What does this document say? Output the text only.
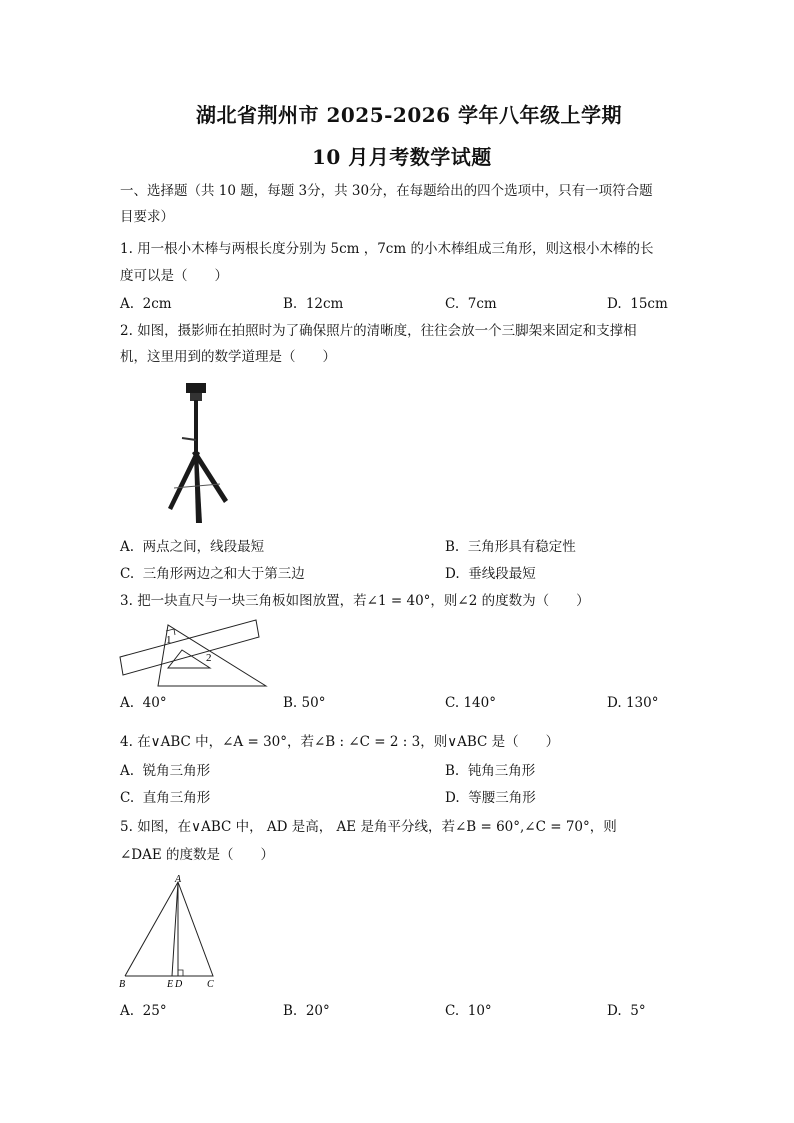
湖北省荆州市 2025-2026 学年八年级上学期
10 月月考数学试题
一、选择题（共 10 题，每题 3分，共 30分，在每题给出的四个选项中，只有一项符合题
目要求）
1. 用一根小木棒与两根长度分别为 5cm ，7cm 的小木棒组成三角形，则这根小木棒的长
度可以是（　　）
A. 2cm	B. 12cm	C. 7cm	D. 15cm
2. 如图，摄影师在拍照时为了确保照片的清晰度，往往会放一个三脚架来固定和支撑相
机，这里用到的数学道理是（　　）
A. 两点之间，线段最短	B. 三角形具有稳定性
C. 三角形两边之和大于第三边	D. 垂线段最短
3. 把一块直尺与一块三角板如图放置，若∠1 = 40°，则∠2 的度数为（　　）
1
2
A. 40°	B. 50°	C. 140°	D. 130°
4. 在∨ABC 中，∠A = 30°，若∠B : ∠C = 2 : 3，则∨ABC 是（　　）
A. 锐角三角形	B. 钝角三角形
C. 直角三角形	D. 等腰三角形
5. 如图，在∨ABC 中， AD 是高， AE 是角平分线，若∠B = 60°,∠C = 70°，则
∠DAE 的度数是（　　）
A
B	E D C
A. 25°	B. 20°	C. 10°	D. 5°
